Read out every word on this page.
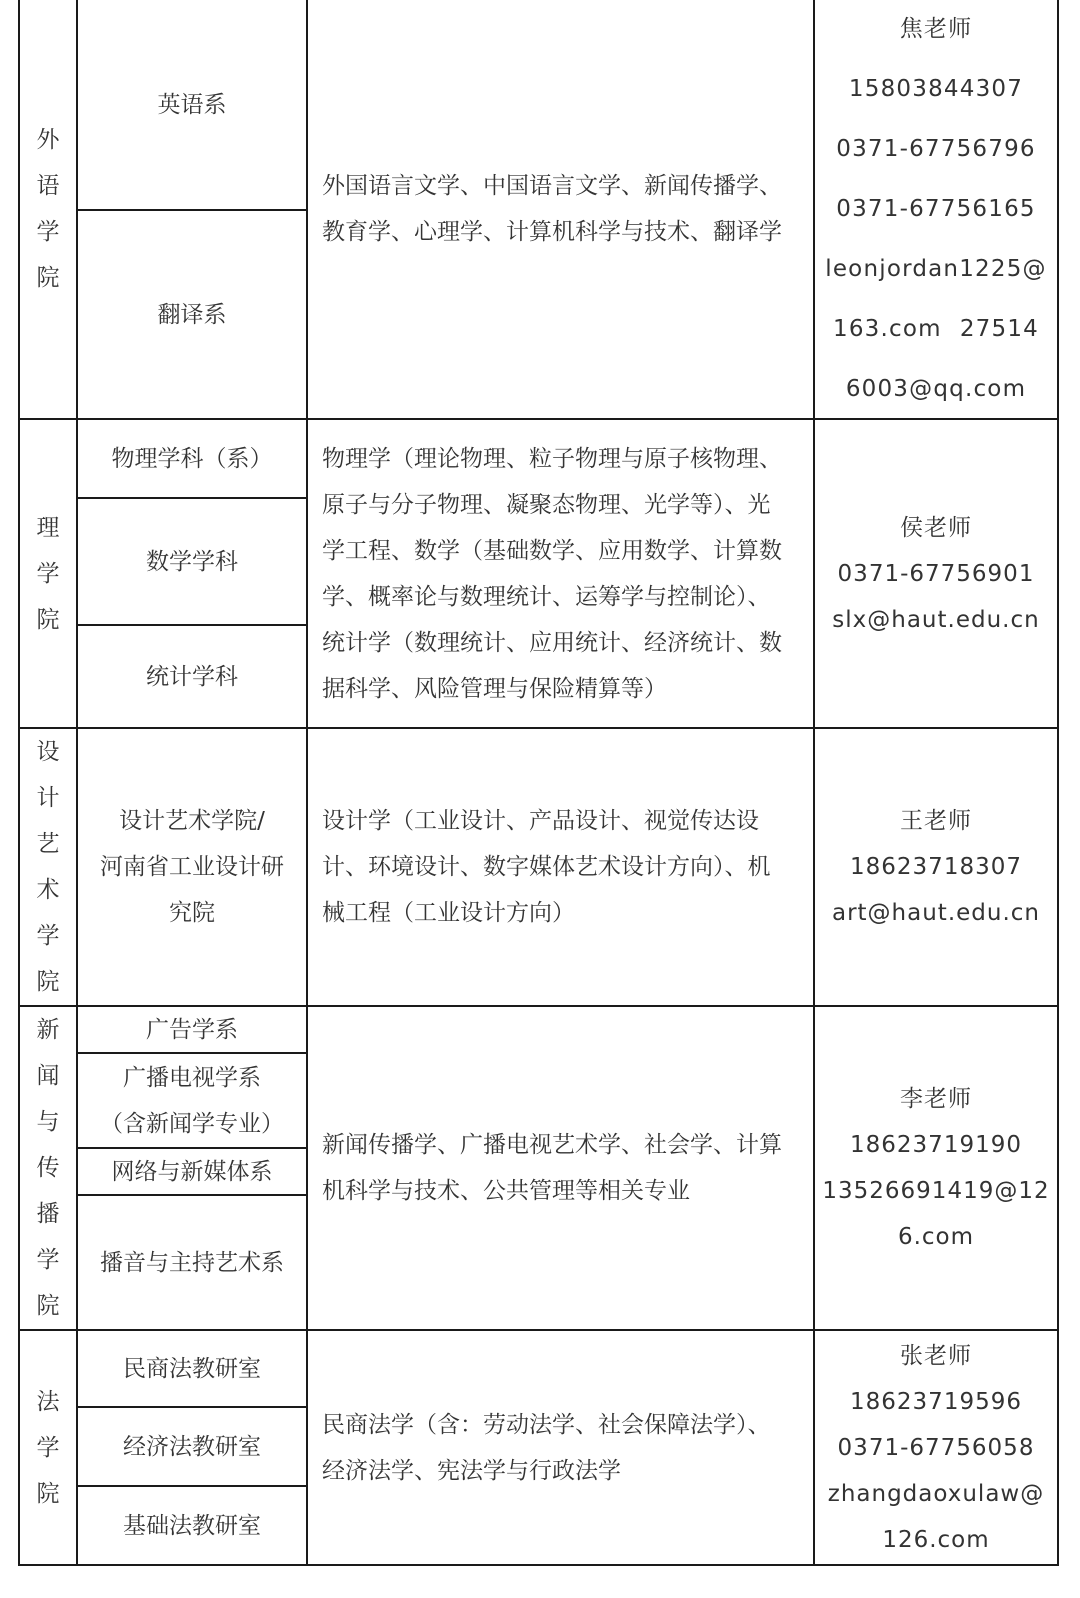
外
语
学
院
英语系
翻译系
外国语言文学、中国语言文学、新闻传播学、
教育学、心理学、计算机科学与技术、翻译学
焦老师
15803844307
0371-67756796
0371-67756165
leonjordan1225@
163.com 27514
6003@qq.com
理
学
院
物理学科（系）
数学学科
统计学科
物理学（理论物理、粒子物理与原子核物理、
原子与分子物理、凝聚态物理、光学等）、光
学工程、数学（基础数学、应用数学、计算数
学、概率论与数理统计、运筹学与控制论）、
统计学（数理统计、应用统计、经济统计、数
据科学、风险管理与保险精算等）
侯老师
0371-67756901
slx@haut.edu.cn
设
计
艺
术
学
院
设计艺术学院/
河南省工业设计研
究院
设计学（工业设计、产品设计、视觉传达设
计、环境设计、数字媒体艺术设计方向）、机
械工程（工业设计方向）
王老师
18623718307
art@haut.edu.cn
新
闻
与
传
播
学
院
广告学系
广播电视学系
（含新闻学专业）
网络与新媒体系
播音与主持艺术系
新闻传播学、广播电视艺术学、社会学、计算
机科学与技术、公共管理等相关专业
李老师
18623719190
13526691419@12
6.com
法
学
院
民商法教研室
经济法教研室
基础法教研室
民商法学（含：劳动法学、社会保障法学）、
经济法学、宪法学与行政法学
张老师
18623719596
0371-67756058
zhangdaoxulaw@
126.com
